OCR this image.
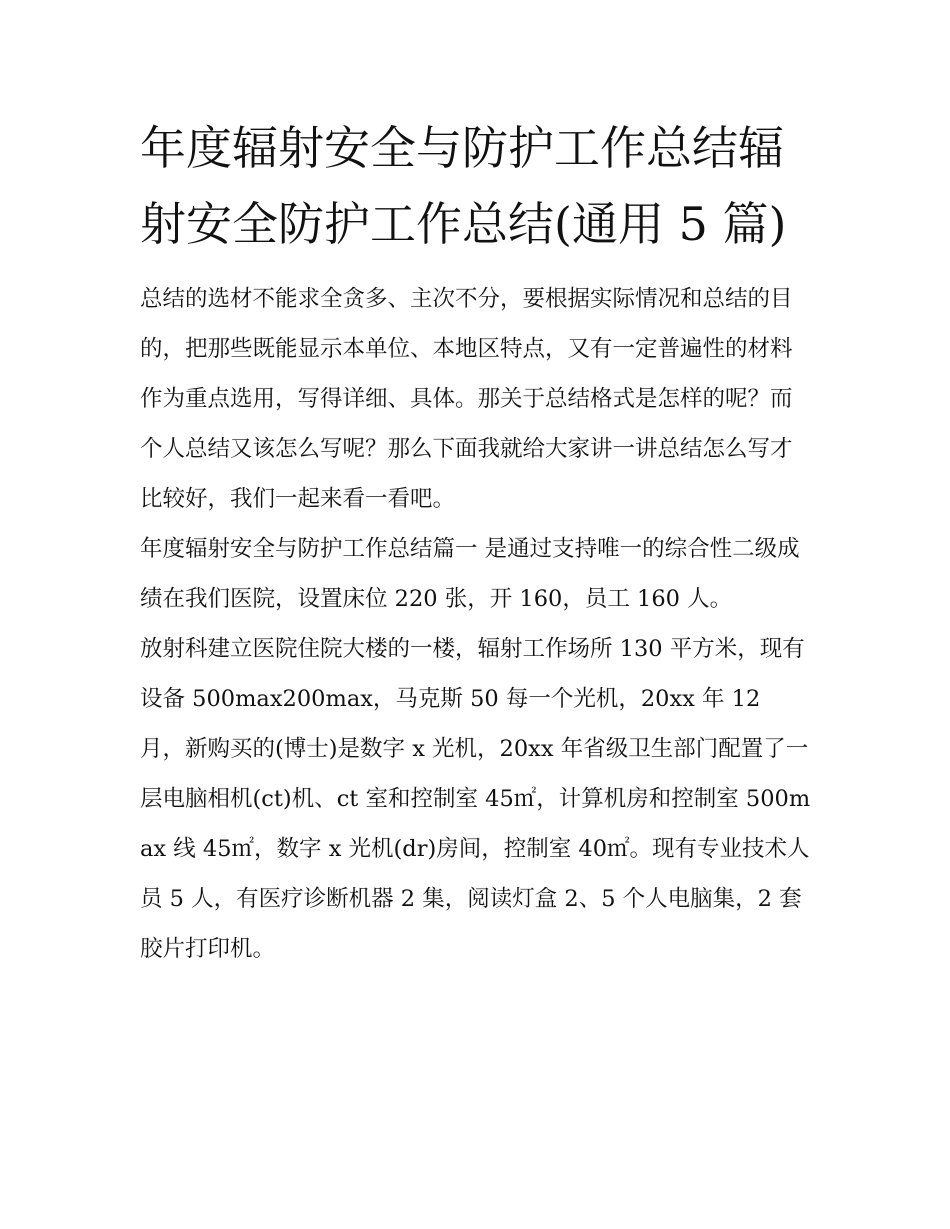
年度辐射安全与防护工作总结辐射安全防护工作总结(通用 5 篇)

总结的选材不能求全贪多、主次不分，要根据实际情况和总结的目的，把那些既能显示本单位、本地区特点，又有一定普遍性的材料作为重点选用，写得详细、具体。那关于总结格式是怎样的呢？而个人总结又该怎么写呢？那么下面我就给大家讲一讲总结怎么写才比较好，我们一起来看一看吧。

年度辐射安全与防护工作总结篇一 是通过支持唯一的综合性二级成绩在我们医院，设置床位 220 张，开 160，员工 160 人。

放射科建立医院住院大楼的一楼，辐射工作场所 130 平方米，现有设备 500max200max，马克斯 50 每一个光机，20xx 年 12 月，新购买的(博士)是数字 x 光机，20xx 年省级卫生部门配置了一层电脑相机(ct)机、ct 室和控制室 45㎡，计算机房和控制室 500max 线 45㎡，数字 x 光机(dr)房间，控制室 40㎡。现有专业技术人员 5 人，有医疗诊断机器 2 集，阅读灯盒 2、5 个人电脑集，2 套胶片打印机。
